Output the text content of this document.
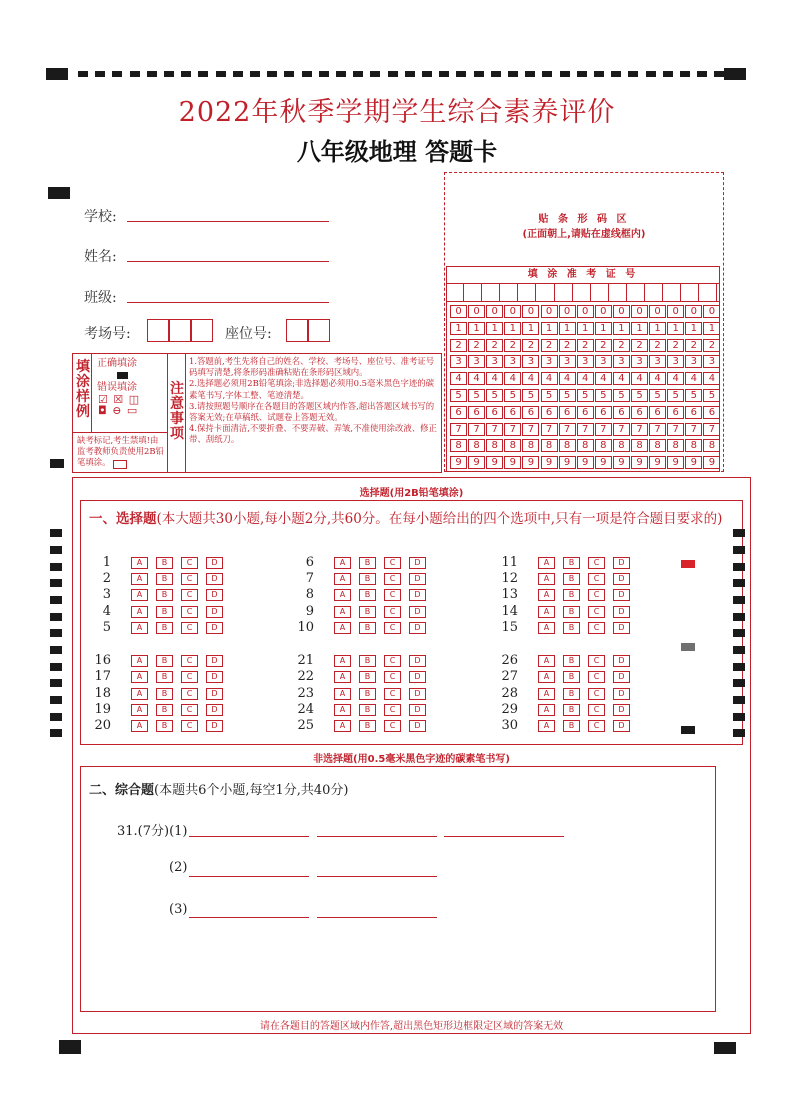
2022年秋季学期学生综合素养评价
八年级地理 答题卡
学校:
姓名:
班级:
考场号:	座位号:
贴 条 形 码 区
(正面朝上,请贴在虚线框内)
填 涂 准 考 证 号
0	0	0	0	0	0	0	0	0	0	0	0	0	0	0
1	1	1	1	1	1	1	1	1	1	1	1	1	1	1
2	2	2	2	2	2	2	2	2	2	2	2	2	2	2
3	3	3	3	3	3	3	3	3	3	3	3	3	3	3
4	4	4	4	4	4	4	4	4	4	4	4	4	4	4
5	5	5	5	5	5	5	5	5	5	5	5	5	5	5
6	6	6	6	6	6	6	6	6	6	6	6	6	6	6
7	7	7	7	7	7	7	7	7	7	7	7	7	7	7
8	8	8	8	8	8	8	8	8	8	8	8	8	8	8
9	9	9	9	9	9	9	9	9	9	9	9	9	9	9
填
涂
样
例
正确填涂
错误填涂
☑ ☒ ◫
◘ ⊖ ▭
缺考标记,考生禁填!由监考教师负责使用2B铅笔填涂。
注
意
事
项
1.答题前,考生先将自己的姓名、学校、考场号、座位号、准考证号码填写清楚,将条形码准确粘贴在条形码区域内。
2.选择题必须用2B铅笔填涂;非选择题必须用0.5毫米黑色字迹的碳素笔书写,字体工整、笔迹清楚。
3.请按照题号顺序在各题目的答题区域内作答,超出答题区域书写的答案无效;在草稿纸、试题卷上答题无效。
4.保持卡面清洁,不要折叠、不要弄破、弄皱,不准使用涂改液、修正带、刮纸刀。
选择题(用2B铅笔填涂)
一、选择题(本大题共30小题,每小题2分,共60分。在每小题给出的四个选项中,只有一项是符合题目要求的)
1	A	B	C	D
2	A	B	C	D
3	A	B	C	D
4	A	B	C	D
5	A	B	C	D
6	A	B	C	D
7	A	B	C	D
8	A	B	C	D
9	A	B	C	D
10	A	B	C	D
11	A	B	C	D
12	A	B	C	D
13	A	B	C	D
14	A	B	C	D
15	A	B	C	D
16	A	B	C	D
17	A	B	C	D
18	A	B	C	D
19	A	B	C	D
20	A	B	C	D
21	A	B	C	D
22	A	B	C	D
23	A	B	C	D
24	A	B	C	D
25	A	B	C	D
26	A	B	C	D
27	A	B	C	D
28	A	B	C	D
29	A	B	C	D
30	A	B	C	D
非选择题(用0.5毫米黑色字迹的碳素笔书写)
二、综合题(本题共6个小题,每空1分,共40分)
31.(7分)(1)
(2)
(3)
请在各题目的答题区域内作答,超出黑色矩形边框限定区域的答案无效
